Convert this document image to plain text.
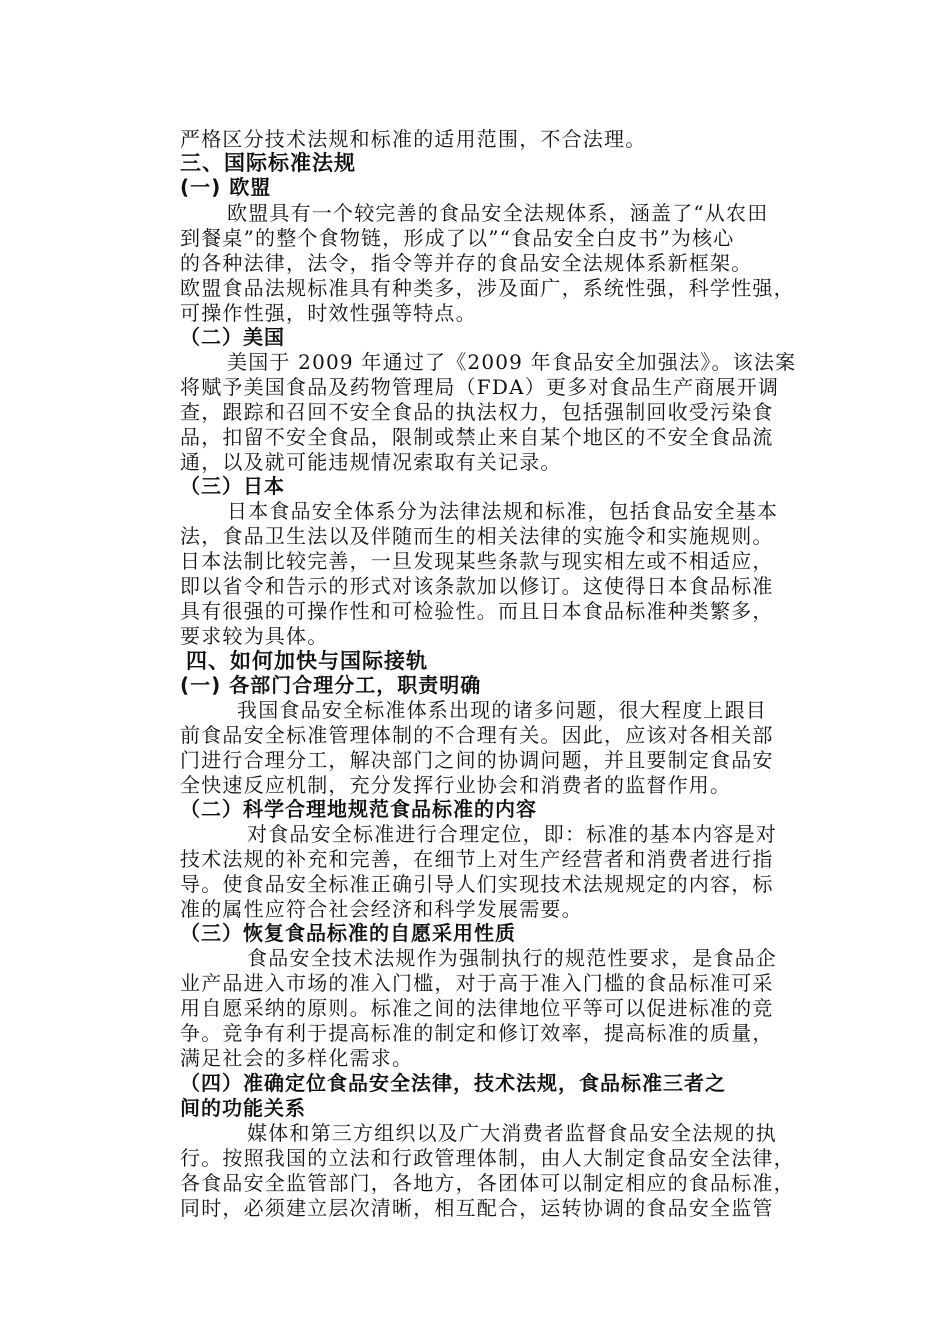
严格区分技术法规和标准的适用范围，不合法理。
三、国际标准法规
(一) 欧盟
欧盟具有一个较完善的食品安全法规体系，涵盖了“从农田
到餐桌”的整个食物链，形成了以”“食品安全白皮书”为核心
的各种法律，法令，指令等并存的食品安全法规体系新框架。
欧盟食品法规标准具有种类多，涉及面广，系统性强，科学性强，
可操作性强，时效性强等特点。
（二）美国
美国于 2009 年通过了《2009 年食品安全加强法》。该法案
将赋予美国食品及药物管理局（FDA）更多对食品生产商展开调
查，跟踪和召回不安全食品的执法权力，包括强制回收受污染食
品，扣留不安全食品，限制或禁止来自某个地区的不安全食品流
通，以及就可能违规情况索取有关记录。
（三）日本
日本食品安全体系分为法律法规和标准，包括食品安全基本
法，食品卫生法以及伴随而生的相关法律的实施令和实施规则。
日本法制比较完善，一旦发现某些条款与现实相左或不相适应，
即以省令和告示的形式对该条款加以修订。这使得日本食品标准
具有很强的可操作性和可检验性。而且日本食品标准种类繁多，
要求较为具体。
四、如何加快与国际接轨
(一) 各部门合理分工，职责明确
我国食品安全标准体系出现的诸多问题，很大程度上跟目
前食品安全标准管理体制的不合理有关。因此，应该对各相关部
门进行合理分工，解决部门之间的协调问题，并且要制定食品安
全快速反应机制，充分发挥行业协会和消费者的监督作用。
（二）科学合理地规范食品标准的内容
对食品安全标准进行合理定位，即：标准的基本内容是对
技术法规的补充和完善，在细节上对生产经营者和消费者进行指
导。使食品安全标准正确引导人们实现技术法规规定的内容，标
准的属性应符合社会经济和科学发展需要。
（三）恢复食品标准的自愿采用性质
食品安全技术法规作为强制执行的规范性要求，是食品企
业产品进入市场的准入门槛，对于高于准入门槛的食品标准可采
用自愿采纳的原则。标准之间的法律地位平等可以促进标准的竞
争。竞争有利于提高标准的制定和修订效率，提高标准的质量，
满足社会的多样化需求。
（四）准确定位食品安全法律，技术法规，食品标准三者之
间的功能关系
媒体和第三方组织以及广大消费者监督食品安全法规的执
行。按照我国的立法和行政管理体制，由人大制定食品安全法律，
各食品安全监管部门，各地方，各团体可以制定相应的食品标准，
同时，必须建立层次清晰，相互配合，运转协调的食品安全监管
